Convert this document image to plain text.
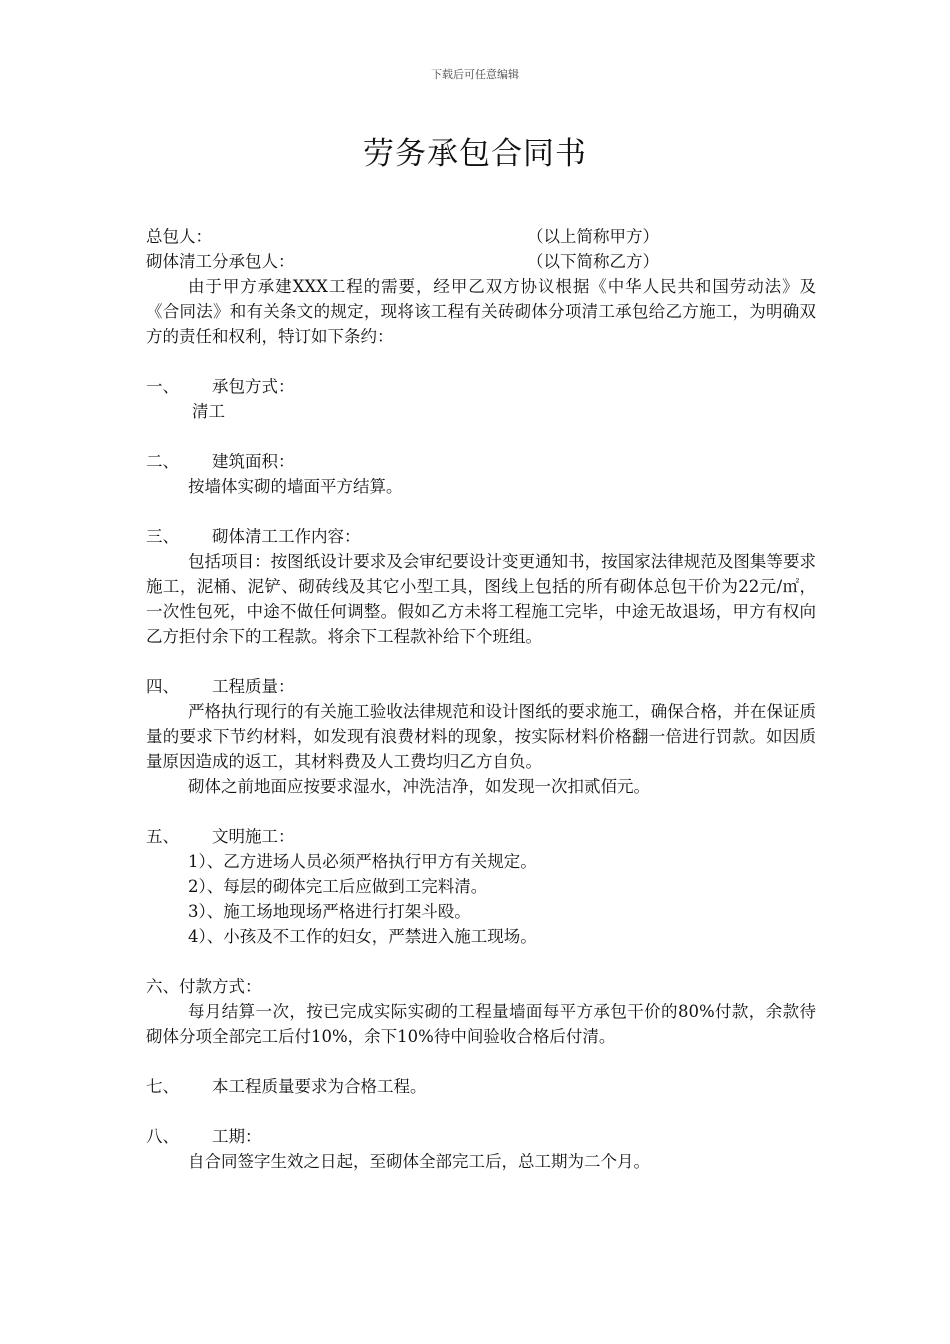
下载后可任意编辑
劳务承包合同书
总包人：	（以上简称甲方）
砌体清工分承包人：	（以下简称乙方）
由于甲方承建XXX工程的需要，经甲乙双方协议根据《中华人民共和国劳动法》及《合同法》和有关条文的规定，现将该工程有关砖砌体分项清工承包给乙方施工，为明确双方的责任和权利，特订如下条约：
一、	承包方式：
清工
二、	建筑面积：
按墙体实砌的墙面平方结算。
三、	砌体清工工作内容：
包括项目：按图纸设计要求及会审纪要设计变更通知书，按国家法律规范及图集等要求施工，泥桶、泥铲、砌砖线及其它小型工具，图线上包括的所有砌体总包干价为22元/㎡，一次性包死，中途不做任何调整。假如乙方未将工程施工完毕，中途无故退场，甲方有权向乙方拒付余下的工程款。将余下工程款补给下个班组。
四、	工程质量：
严格执行现行的有关施工验收法律规范和设计图纸的要求施工，确保合格，并在保证质量的要求下节约材料，如发现有浪费材料的现象，按实际材料价格翻一倍进行罚款。如因质量原因造成的返工，其材料费及人工费均归乙方自负。
砌体之前地面应按要求湿水，冲洗洁净，如发现一次扣贰佰元。
五、	文明施工：
1）、乙方进场人员必须严格执行甲方有关规定。
2）、每层的砌体完工后应做到工完料清。
3）、施工场地现场严格进行打架斗殴。
4）、小孩及不工作的妇女，严禁进入施工现场。
六、付款方式：
每月结算一次，按已完成实际实砌的工程量墙面每平方承包干价的80%付款，余款待砌体分项全部完工后付10%，余下10%待中间验收合格后付清。
七、	本工程质量要求为合格工程。
八、	工期：
自合同签字生效之日起，至砌体全部完工后，总工期为二个月。
